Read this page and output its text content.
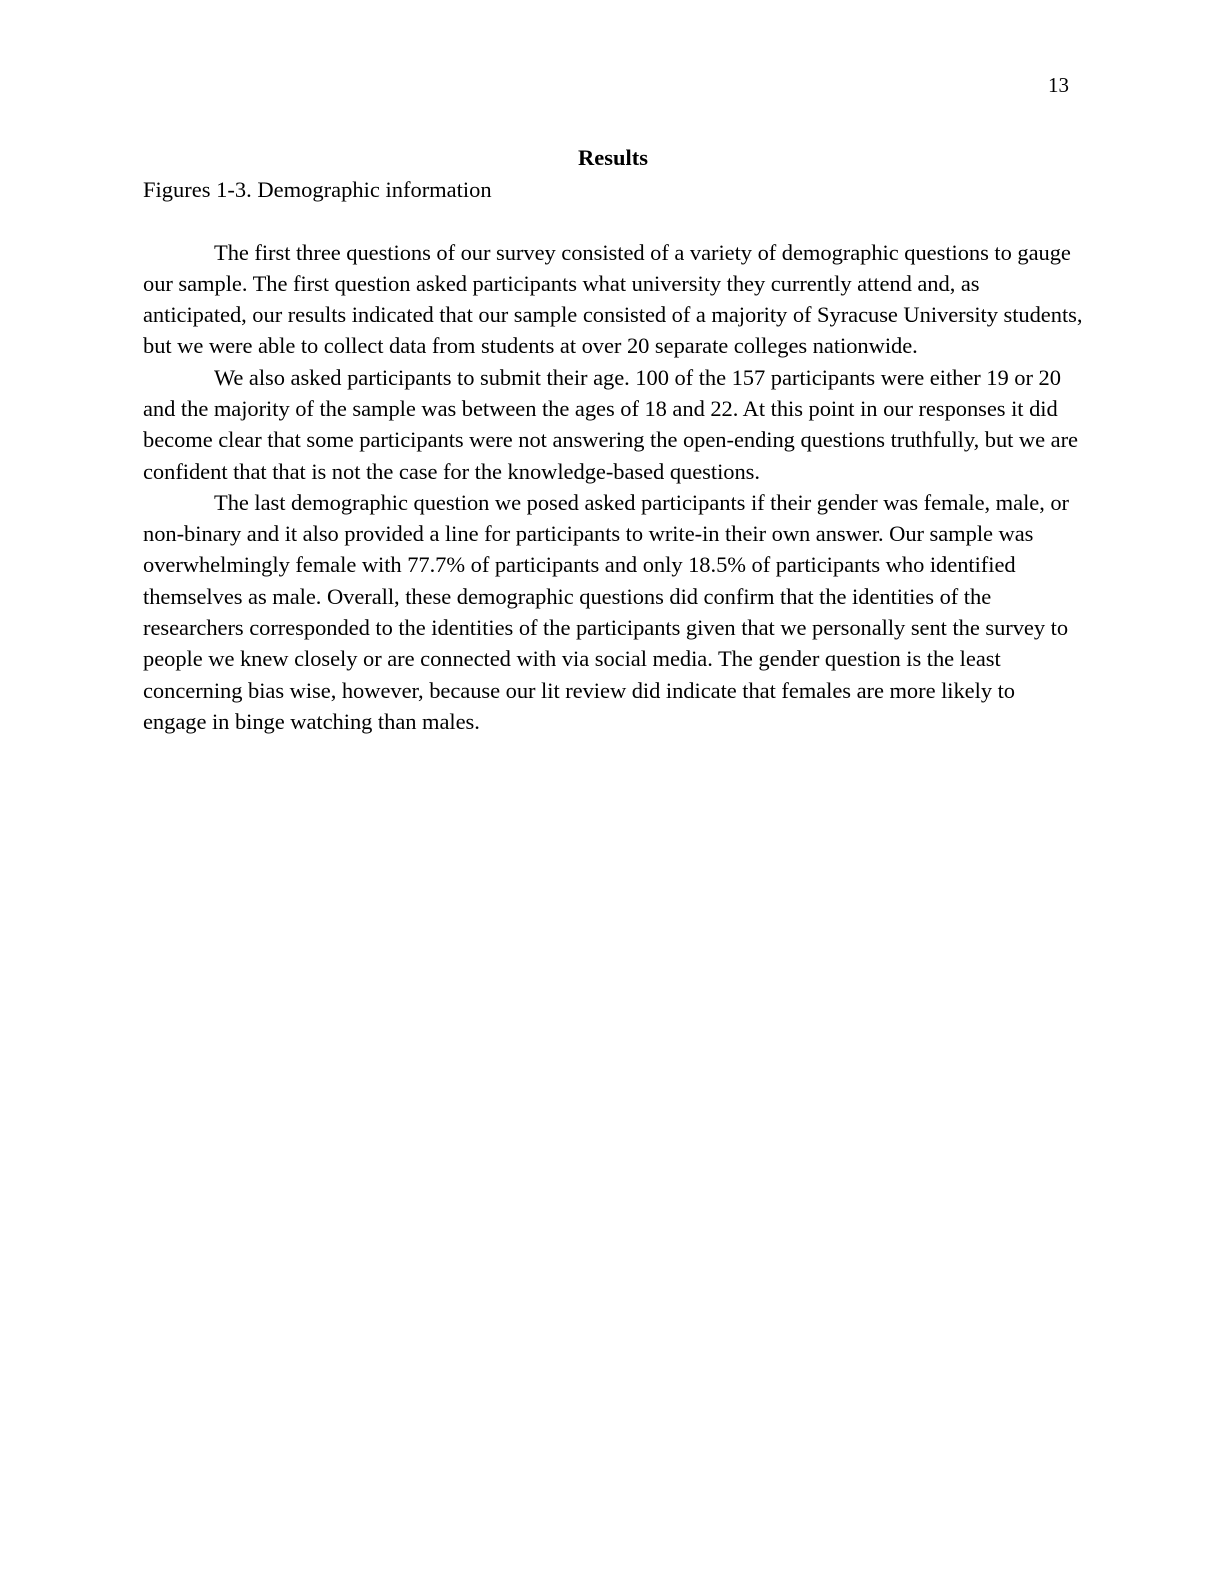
13
Results

Figures 1-3. Demographic information

The first three questions of our survey consisted of a variety of demographic questions to gauge our sample. The first question asked participants what university they currently attend and, as anticipated, our results indicated that our sample consisted of a majority of Syracuse University students, but we were able to collect data from students at over 20 separate colleges nationwide.

We also asked participants to submit their age. 100 of the 157 participants were either 19 or 20 and the majority of the sample was between the ages of 18 and 22. At this point in our responses it did become clear that some participants were not answering the open-ending questions truthfully, but we are confident that that is not the case for the knowledge-based questions.

The last demographic question we posed asked participants if their gender was female, male, or non-binary and it also provided a line for participants to write-in their own answer. Our sample was overwhelmingly female with 77.7% of participants and only 18.5% of participants who identified themselves as male. Overall, these demographic questions did confirm that the identities of the researchers corresponded to the identities of the participants given that we personally sent the survey to people we knew closely or are connected with via social media. The gender question is the least concerning bias wise, however, because our lit review did indicate that females are more likely to engage in binge watching than males.
